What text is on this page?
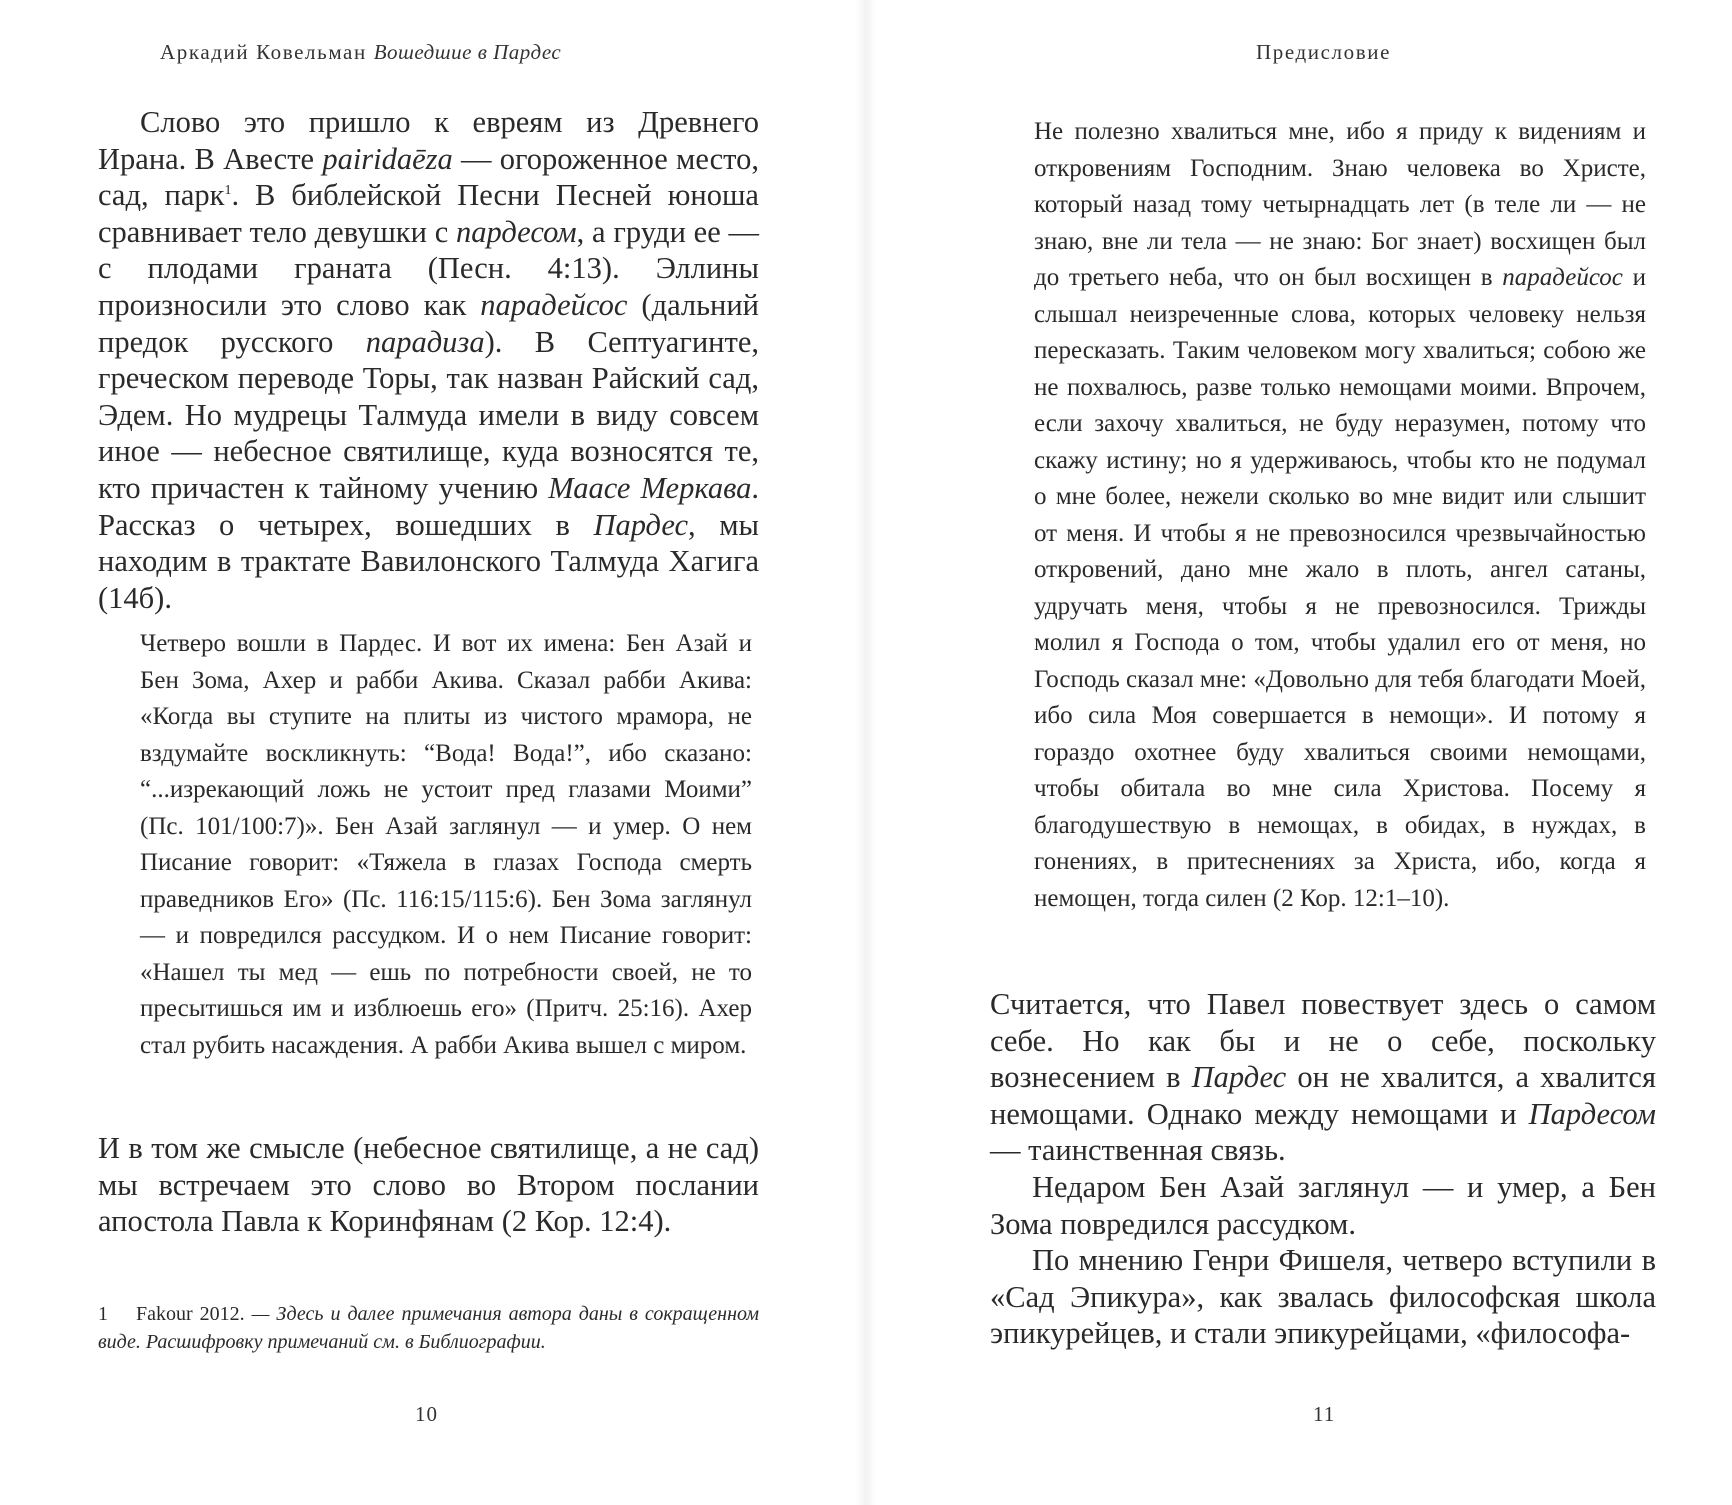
Аркадий Ковельман Вошедшие в Пардес

Слово это пришло к евреям из Древнего Ирана. В Авесте pairidaēza — огороженное место, сад, парк$^1$. В библейской Песни Песней юноша сравнивает тело девушки с пардесом, а груди ее — с плодами граната (Песн. 4:13). Эллины произносили это слово как парадейсос (дальний предок русского парадиза). В Септуагинте, греческом переводе Торы, так назван Райский сад, Эдем. Но мудрецы Талмуда имели в виду совсем иное — небесное святилище, куда возносятся те, кто причастен к тайному учению Маасе Меркава. Рассказ о четырех, вошедших в Пардес, мы находим в трактате Вавилонского Талмуда Хагига (14б).

Четверо вошли в Пардес. И вот их имена: Бен Азай и Бен Зома, Ахер и рабби Акива. Сказал рабби Акива: «Когда вы ступите на плиты из чистого мрамора, не вздумайте воскликнуть: “Вода! Вода!”, ибо сказано: “...изрекающий ложь не устоит пред глазами Моими” (Пс. 101/100:7)». Бен Азай заглянул — и умер. О нем Писание говорит: «Тяжела в глазах Господа смерть праведников Его» (Пс. 116:15/115:6). Бен Зома заглянул — и повредился рассудком. И о нем Писание говорит: «Нашел ты мед — ешь по потребности своей, не то пресытишься им и изблюешь его» (Притч. 25:16). Ахер стал рубить насаждения. А рабби Акива вышел с миром.

И в том же смысле (небесное святилище, а не сад) мы встречаем это слово во Втором послании апостола Павла к Коринфянам (2 Кор. 12:4).

1 Fakour 2012. — Здесь и далее примечания автора даны в сокращенном виде. Расшифровку примечаний см. в Библиографии.
10
Предисловие

Не полезно хвалиться мне, ибо я приду к видениям и откровениям Господним. Знаю человека во Христе, который назад тому четырнадцать лет (в теле ли — не знаю, вне ли тела — не знаю: Бог знает) восхищен был до третьего неба, что он был восхищен в парадейсос и слышал неизреченные слова, которых человеку нельзя пересказать. Таким человеком могу хвалиться; собою же не похвалюсь, разве только немощами моими. Впрочем, если захочу хвалиться, не буду неразумен, потому что скажу истину; но я удерживаюсь, чтобы кто не подумал о мне более, нежели сколько во мне видит или слышит от меня. И чтобы я не превозносился чрезвычайностью откровений, дано мне жало в плоть, ангел сатаны, удручать меня, чтобы я не превозносился. Трижды молил я Господа о том, чтобы удалил его от меня, но Господь сказал мне: «Довольно для тебя благодати Моей, ибо сила Моя совершается в немощи». И потому я гораздо охотнее буду хвалиться своими немощами, чтобы обитала во мне сила Христова. Посему я благодушествую в немощах, в обидах, в нуждах, в гонениях, в притеснениях за Христа, ибо, когда я немощен, тогда силен (2 Кор. 12:1–10).

Считается, что Павел повествует здесь о самом себе. Но как бы и не о себе, поскольку вознесением в Пардес он не хвалится, а хвалится немощами. Однако между немощами и Пардесом — таинственная связь.

Недаром Бен Азай заглянул — и умер, а Бен Зома повредился рассудком.

По мнению Генри Фишеля, четверо вступили в «Сад Эпикура», как звалась философская школа эпикурейцев, и стали эпикурейцами, «философа-

11
